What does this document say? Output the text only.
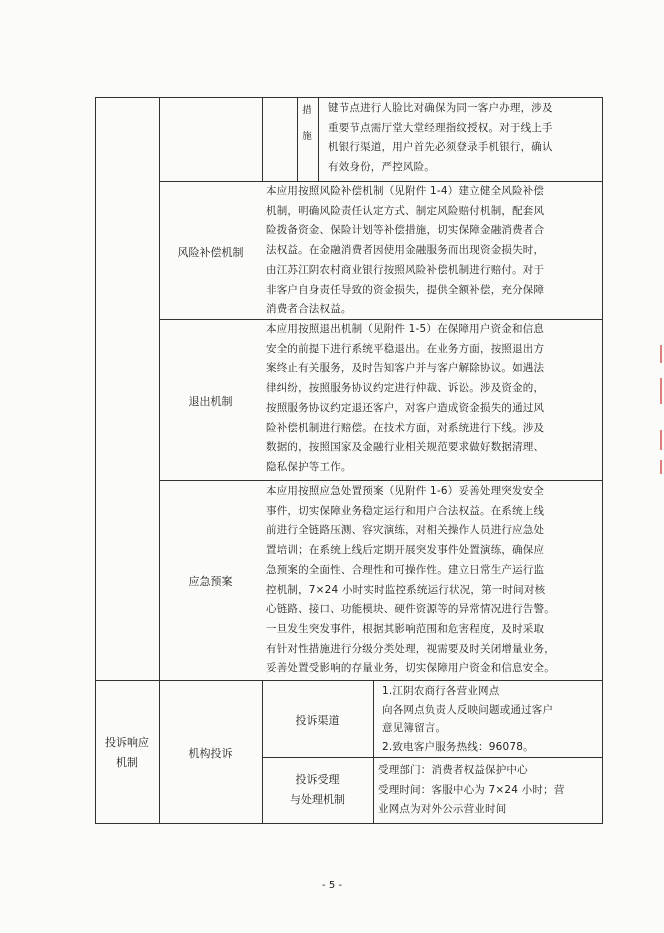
措施
键节点进行人脸比对确保为同一客户办理，涉及
重要节点需厅堂大堂经理指纹授权。对于线上手
机银行渠道，用户首先必须登录手机银行，确认
有效身份，严控风险。
风险补偿机制
本应用按照风险补偿机制（见附件 1-4）建立健全风险补偿
机制，明确风险责任认定方式、制定风险赔付机制，配套风
险拨备资金、保险计划等补偿措施，切实保障金融消费者合
法权益。在金融消费者因使用金融服务而出现资金损失时，
由江苏江阴农村商业银行按照风险补偿机制进行赔付。对于
非客户自身责任导致的资金损失，提供全额补偿，充分保障
消费者合法权益。
退出机制
本应用按照退出机制（见附件 1-5）在保障用户资金和信息
安全的前提下进行系统平稳退出。在业务方面，按照退出方
案终止有关服务，及时告知客户并与客户解除协议。如遇法
律纠纷，按照服务协议约定进行仲裁、诉讼。涉及资金的，
按照服务协议约定退还客户，对客户造成资金损失的通过风
险补偿机制进行赔偿。在技术方面，对系统进行下线。涉及
数据的，按照国家及金融行业相关规范要求做好数据清理、
隐私保护等工作。
应急预案
本应用按照应急处置预案（见附件 1-6）妥善处理突发安全
事件，切实保障业务稳定运行和用户合法权益。在系统上线
前进行全链路压测、容灾演练，对相关操作人员进行应急处
置培训；在系统上线后定期开展突发事件处置演练，确保应
急预案的全面性、合理性和可操作性。建立日常生产运行监
控机制，7×24 小时实时监控系统运行状况，第一时间对核
心链路、接口、功能模块、硬件资源等的异常情况进行告警。
一旦发生突发事件，根据其影响范围和危害程度，及时采取
有针对性措施进行分级分类处理，视需要及时关闭增量业务，
妥善处置受影响的存量业务，切实保障用户资金和信息安全。
投诉响应机制
机构投诉
投诉渠道
1.江阴农商行各营业网点
向各网点负责人反映问题或通过客户
意见簿留言。
2.致电客户服务热线：96078。
投诉受理
与处理机制
受理部门：消费者权益保护中心
受理时间：客服中心为 7×24 小时；营
业网点为对外公示营业时间
- 5 -
